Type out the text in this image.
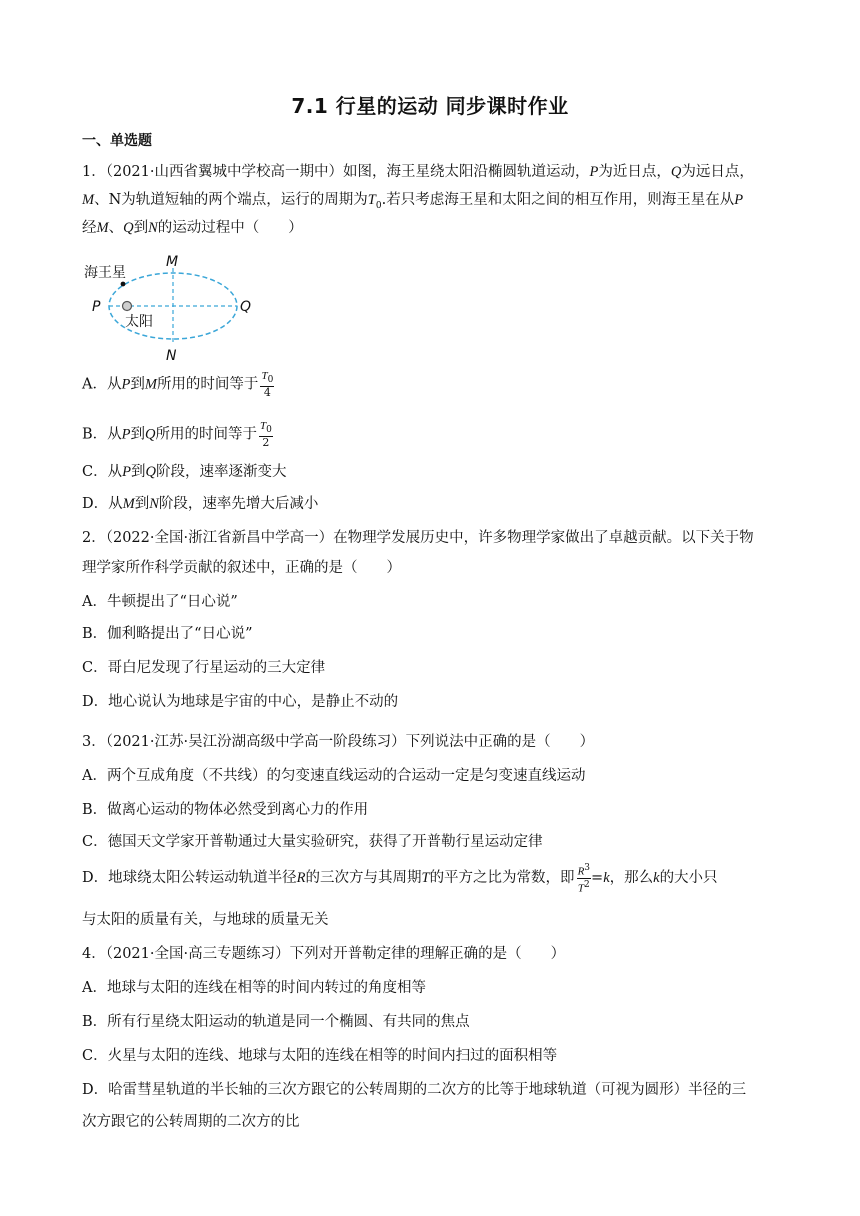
7.1 行星的运动 同步课时作业
一、单选题
1．（2021·山西省翼城中学校高一期中）如图，海王星绕太阳沿椭圆轨道运动，P为近日点，Q为远日点，
M、N为轨道短轴的两个端点，运行的周期为$T_0$.若只考虑海王星和太阳之间的相互作用，则海王星在从P
经M、Q到N的运动过程中（　　）
海王星
太阳
M
N
P	Q
A．从P到M所用的时间等于 $\frac{T_0}{4}$
B．从P到Q所用的时间等于 $\frac{T_0}{2}$
C．从P到Q阶段，速率逐渐变大
D．从M到N阶段，速率先增大后减小
2．（2022·全国·浙江省新昌中学高一）在物理学发展历史中，许多物理学家做出了卓越贡献。以下关于物
理学家所作科学贡献的叙述中，正确的是（　　）
A．牛顿提出了“日心说”
B．伽利略提出了“日心说”
C．哥白尼发现了行星运动的三大定律
D．地心说认为地球是宇宙的中心，是静止不动的
3．（2021·江苏·吴江汾湖高级中学高一阶段练习）下列说法中正确的是（　　）
A．两个互成角度（不共线）的匀变速直线运动的合运动一定是匀变速直线运动
B．做离心运动的物体必然受到离心力的作用
C．德国天文学家开普勒通过大量实验研究，获得了开普勒行星运动定律
D．地球绕太阳公转运动轨道半径R的三次方与其周期T的平方之比为常数，即 $\frac{R^3}{T^2} =k$，那么k的大小只
与太阳的质量有关，与地球的质量无关
4．（2021·全国·高三专题练习）下列对开普勒定律的理解正确的是（　　）
A．地球与太阳的连线在相等的时间内转过的角度相等
B．所有行星绕太阳运动的轨道是同一个椭圆、有共同的焦点
C．火星与太阳的连线、地球与太阳的连线在相等的时间内扫过的面积相等
D．哈雷彗星轨道的半长轴的三次方跟它的公转周期的二次方的比等于地球轨道（可视为圆形）半径的三
次方跟它的公转周期的二次方的比
